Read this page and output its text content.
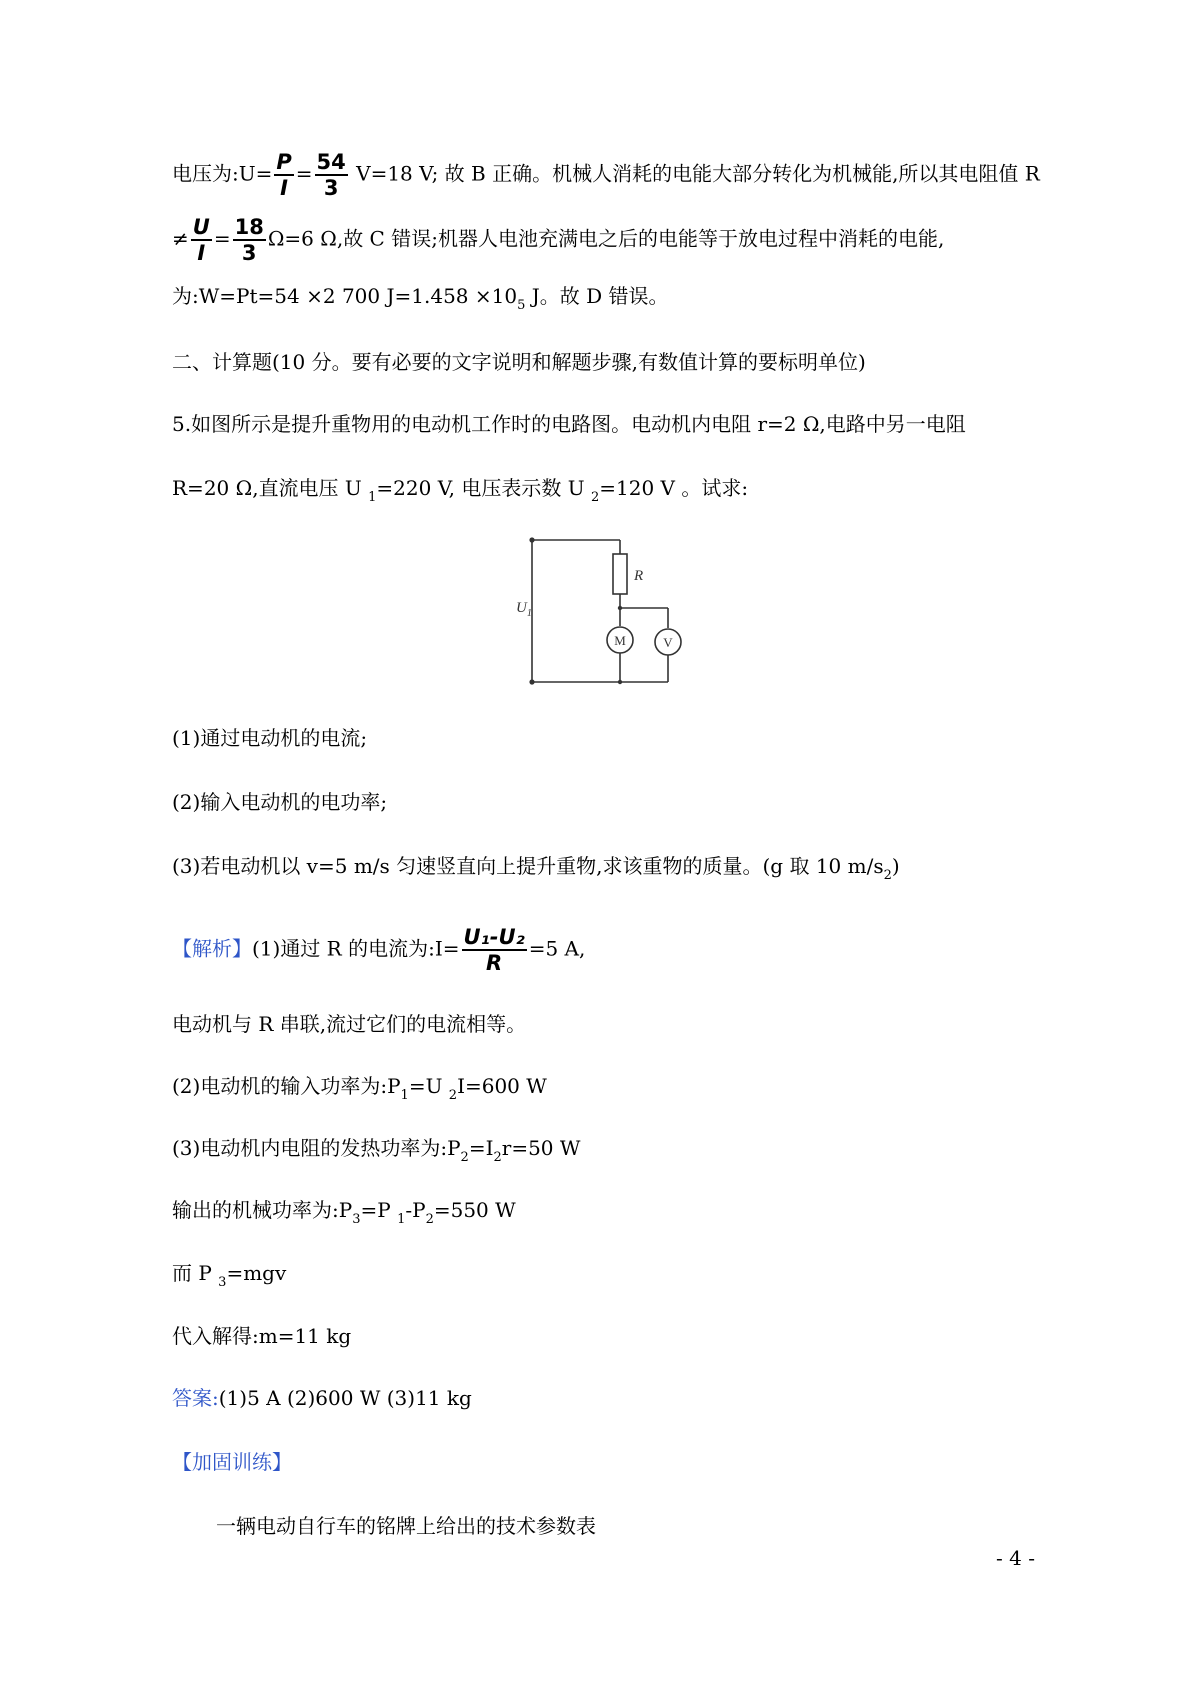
电压为:U= $\frac{P}{I} = \frac{54}{3} V=18$ V; 故 B 正确。机械人消耗的电能大部分转化为机械能,所以其电阻值 R
≠ $\frac{U}{I} = \frac{18}{3} \Omega=6$ Ω,故 C 错误;机器人电池充满电之后的电能等于放电过程中消耗的电能,
为:W=Pt=54 ×2 700 $J=1.458 \times 10_5$ J。故 D 错误。
二、计算题(10 分。要有必要的文字说明和解题步骤,有数值计算的要标明单位)
5.如图所示是提升重物用的电动机工作时的电路图。电动机内电阻 r=2 Ω,电路中另一电阻
R=20 Ω,直流电压 U $_1$=220 V, 电压表示数 U $_2$=120 V 。试求:
$U_1$
R
M	V
(1)通过电动机的电流;
(2)输入电动机的电功率;
(3)若电动机以 v=5 m/s 匀速竖直向上提升重物,求该重物的质量。(g 取 10 $m/s_2$)
【解析】(1)通过 R 的电流为:I= $\frac{\text{U₁-U₂}}{R} =5$ A,
电动机与 R 串联,流过它们的电流相等。
(2)电动机的输入功率为$:P_1=U$ $_2$I=600 W
(3)电动机内电阻的发热功率为$:P_2=I_2r=50$ W
输出的机械功率为$:P_3=P$ $_1-P_2=550$ W
而 P $_3$=mgv
代入解得:m=11 kg
答案:(1)5 A (2)600 W (3)11 kg
【加固训练】
一辆电动自行车的铭牌上给出的技术参数表
- 4 -
